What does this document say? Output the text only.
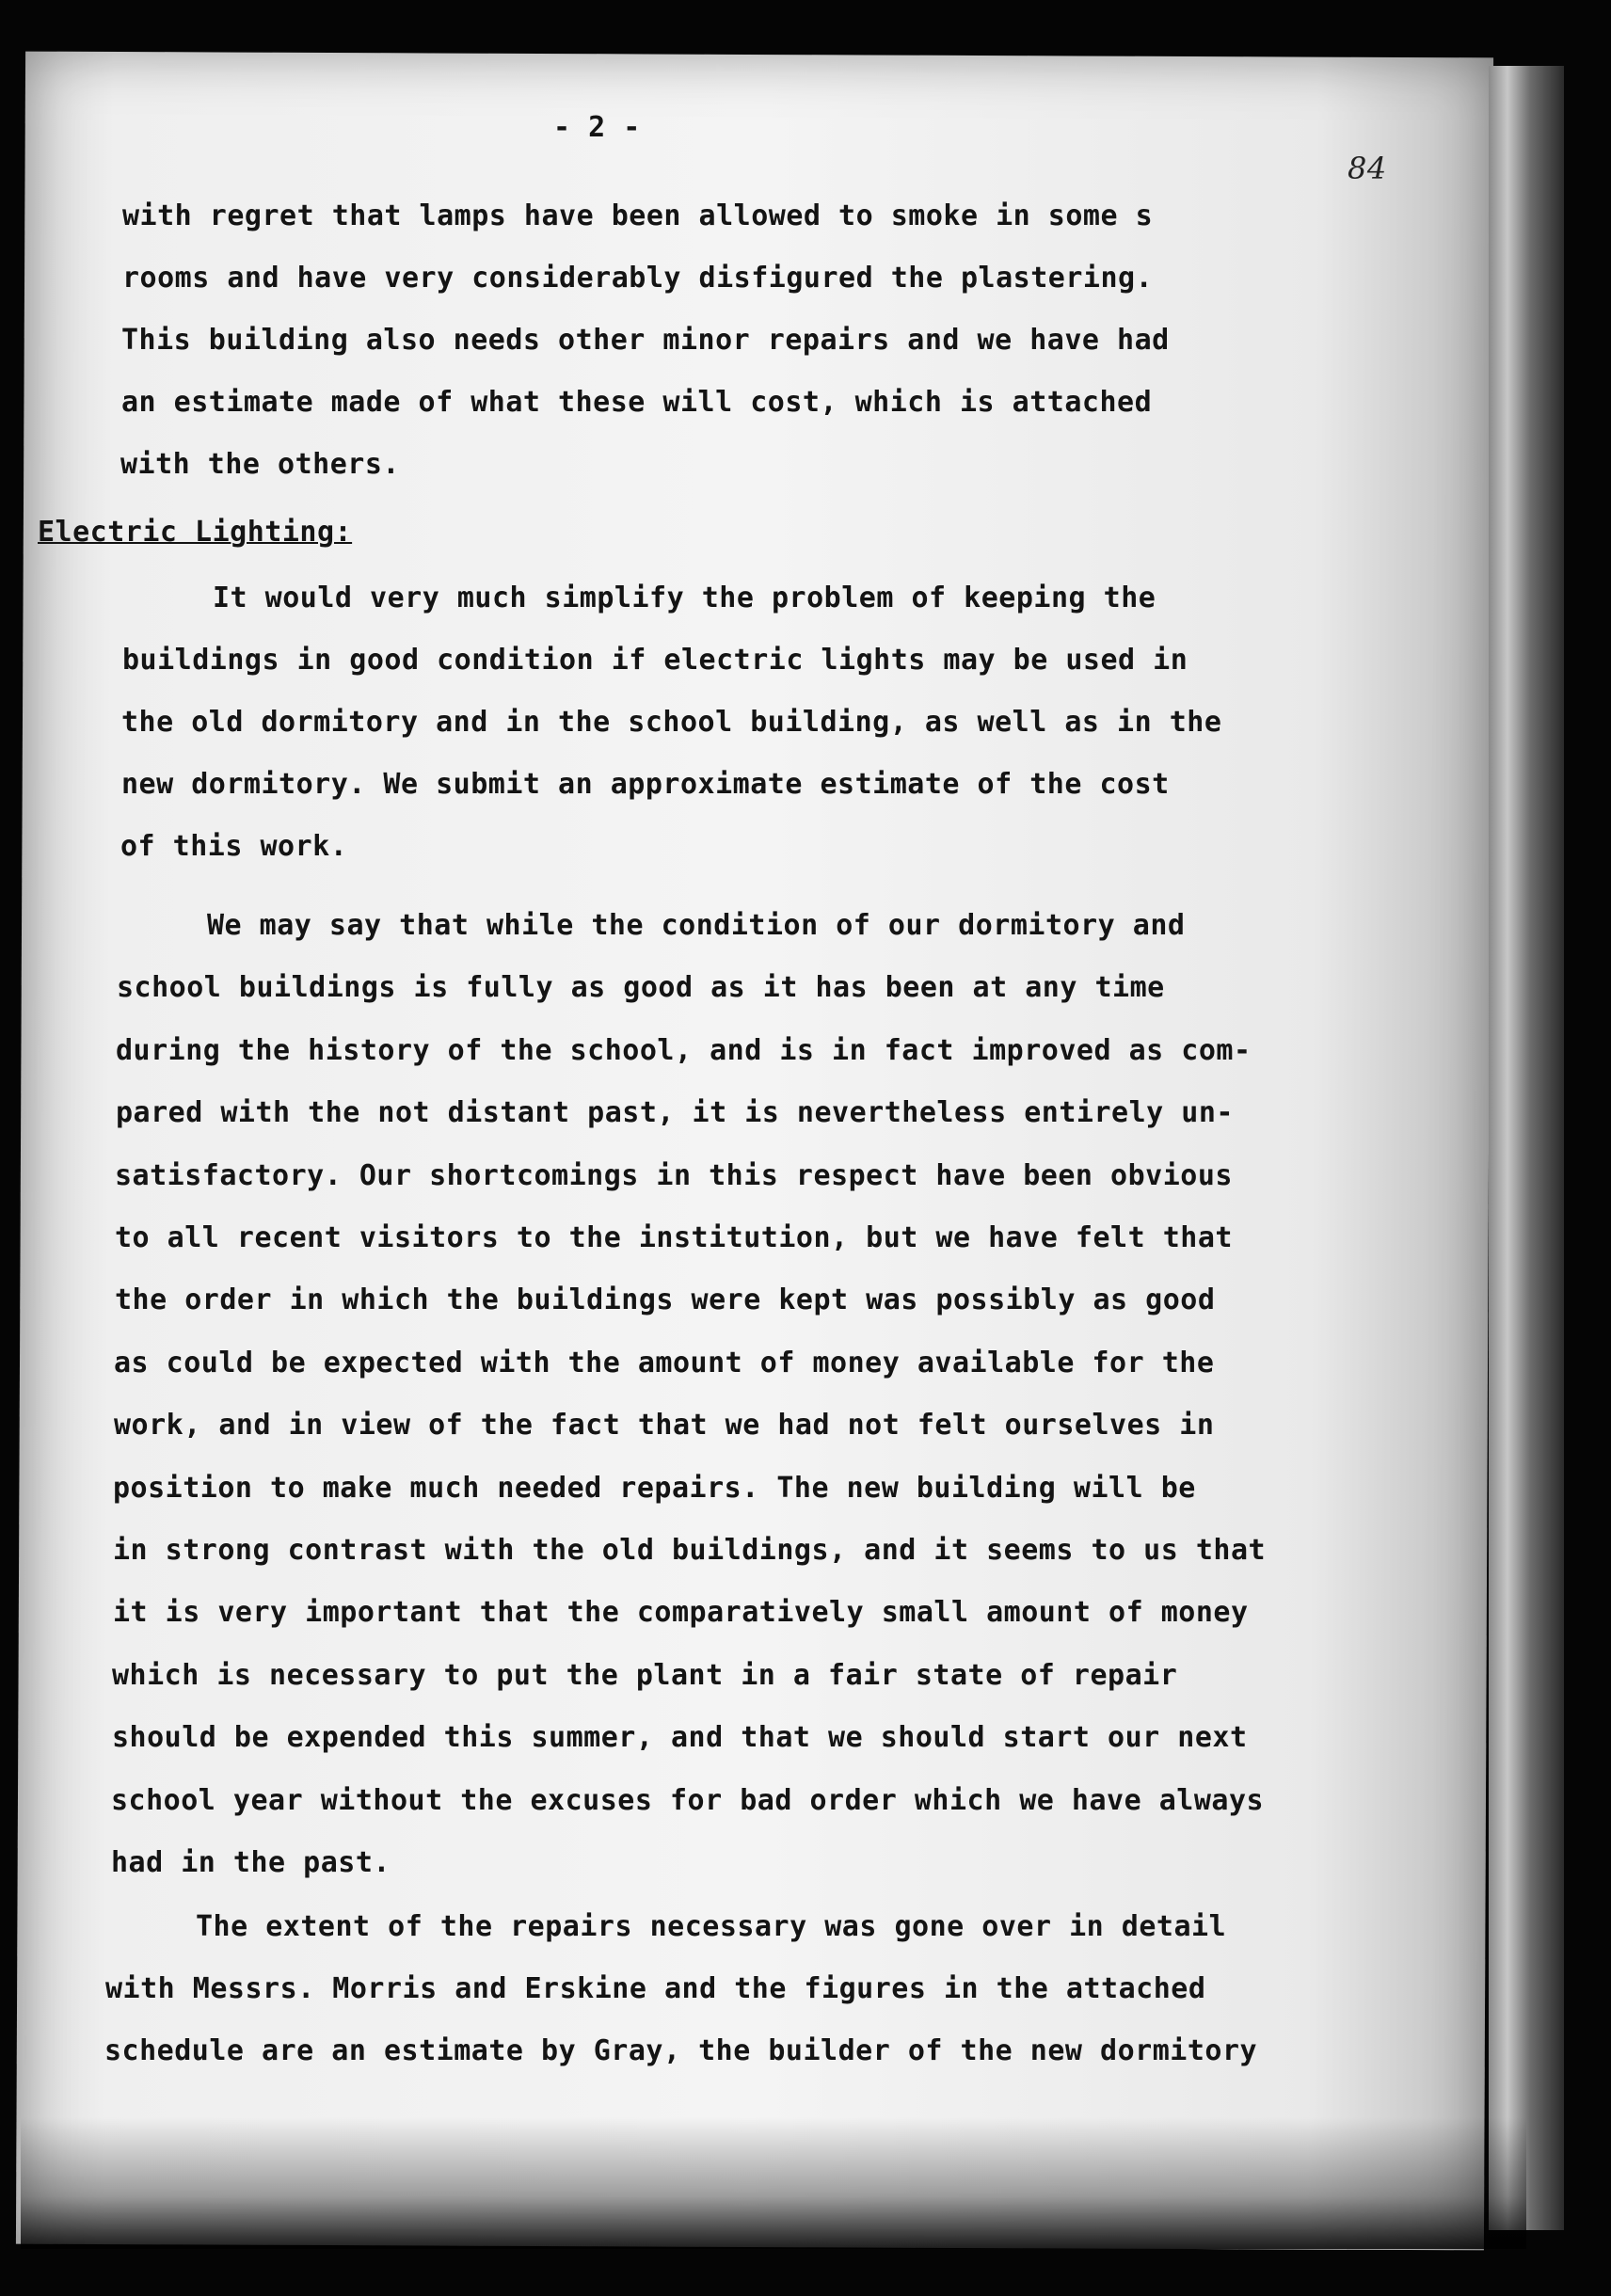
- 2 -
84
with regret that lamps have been allowed to smoke in some s
rooms and have very considerably disfigured the plastering.
This building also needs other minor repairs and we have had
an estimate made of what these will cost, which is attached
with the others.
Electric Lighting:
It would very much simplify the problem of keeping the
buildings in good condition if electric lights may be used in
the old dormitory and in the school building, as well as in the
new dormitory. We submit an approximate estimate of the cost
of this work.
We may say that while the condition of our dormitory and
school buildings is fully as good as it has been at any time
during the history of the school, and is in fact improved as com-
pared with the not distant past, it is nevertheless entirely un-
satisfactory. Our shortcomings in this respect have been obvious
to all recent visitors to the institution, but we have felt that
the order in which the buildings were kept was possibly as good
as could be expected with the amount of money available for the
work, and in view of the fact that we had not felt ourselves in
position to make much needed repairs. The new building will be
in strong contrast with the old buildings, and it seems to us that
it is very important that the comparatively small amount of money
which is necessary to put the plant in a fair state of repair
should be expended this summer, and that we should start our next
school year without the excuses for bad order which we have always
had in the past.
The extent of the repairs necessary was gone over in detail
with Messrs. Morris and Erskine and the figures in the attached
schedule are an estimate by Gray, the builder of the new dormitory
